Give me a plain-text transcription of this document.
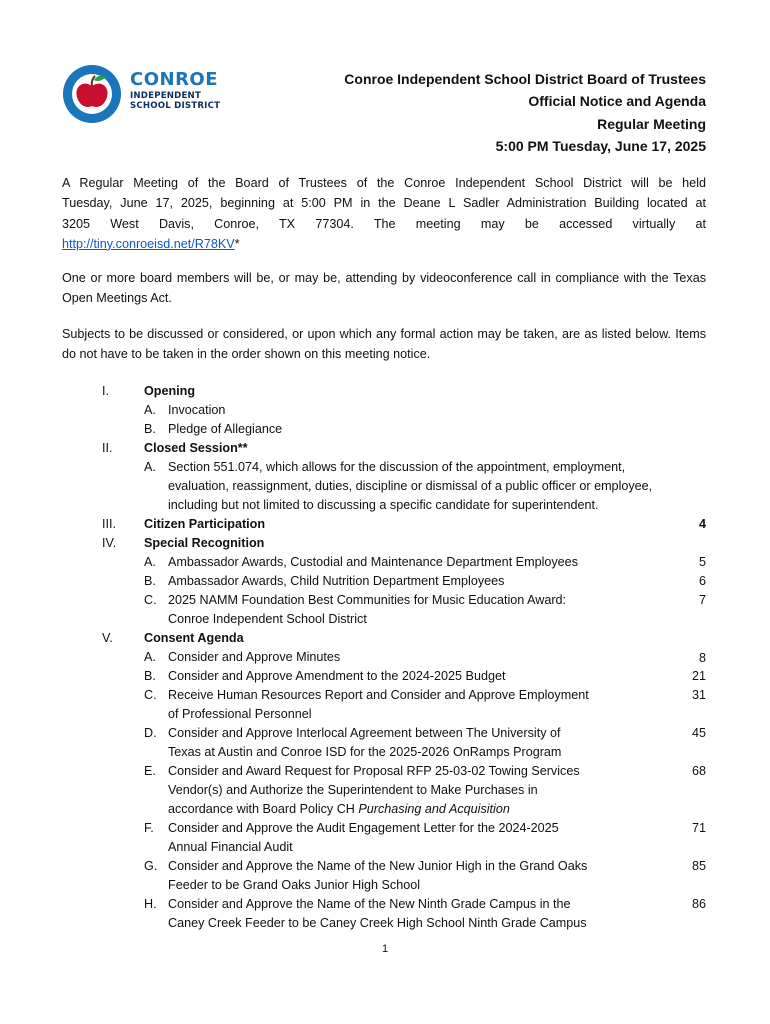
CONROE
INDEPENDENT
SCHOOL DISTRICT
Conroe Independent School District Board of Trustees
Official Notice and Agenda
Regular Meeting
5:00 PM Tuesday, June 17, 2025
A Regular Meeting of the Board of Trustees of the Conroe Independent School District will be held
Tuesday, June 17, 2025, beginning at 5:00 PM in the Deane L Sadler Administration Building located at
3205 West Davis, Conroe, TX 77304. The meeting may be accessed virtually at
http://tiny.conroeisd.net/R78KV*

One or more board members will be, or may be, attending by videoconference call in compliance with the Texas Open Meetings Act.

Subjects to be discussed or considered, or upon which any formal action may be taken, are as listed below. Items do not have to be taken in the order shown on this meeting notice.

I.	Opening
A. Invocation
B. Pledge of Allegiance
II.	Closed Session**
A. Section 551.074, which allows for the discussion of the appointment, employment,
evaluation, reassignment, duties, discipline or dismissal of a public officer or employee,
including but not limited to discussing a specific candidate for superintendent.
III. Citizen Participation	4
IV. Special Recognition
A. Ambassador Awards, Custodial and Maintenance Department Employees	5
B. Ambassador Awards, Child Nutrition Department Employees	6
C. 2025 NAMM Foundation Best Communities for Music Education Award:	7
Conroe Independent School District
V. Consent Agenda
A. Consider and Approve Minutes	8
B. Consider and Approve Amendment to the 2024-2025 Budget	21
C. Receive Human Resources Report and Consider and Approve Employment	31
of Professional Personnel
D. Consider and Approve Interlocal Agreement between The University of	45
Texas at Austin and Conroe ISD for the 2025-2026 OnRamps Program
E. Consider and Award Request for Proposal RFP 25-03-02 Towing Services	68
Vendor(s) and Authorize the Superintendent to Make Purchases in
accordance with Board Policy CH Purchasing and Acquisition
F. Consider and Approve the Audit Engagement Letter for the 2024-2025	71
Annual Financial Audit
G. Consider and Approve the Name of the New Junior High in the Grand Oaks	85
Feeder to be Grand Oaks Junior High School
H. Consider and Approve the Name of the New Ninth Grade Campus in the	86
Caney Creek Feeder to be Caney Creek High School Ninth Grade Campus
1
